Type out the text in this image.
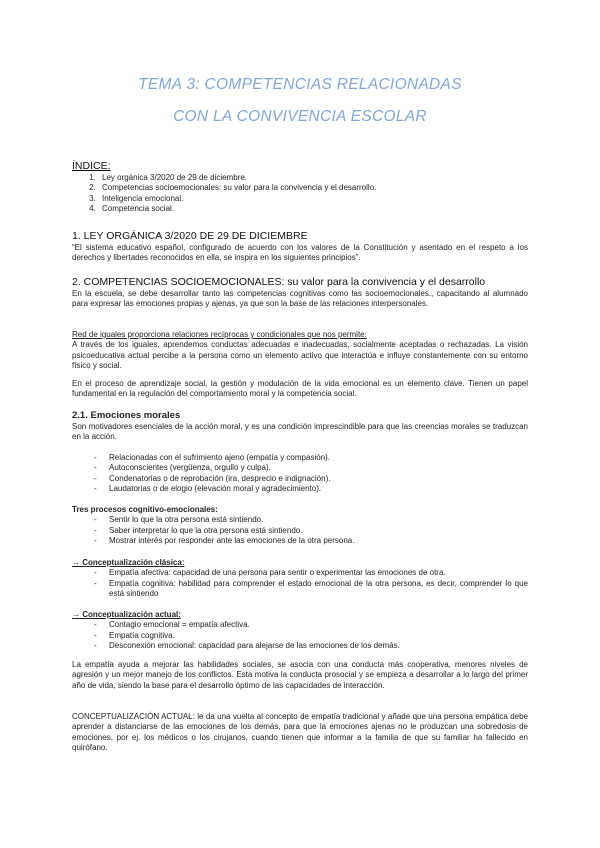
TEMA 3: COMPETENCIAS RELACIONADAS
CON LA CONVIVENCIA ESCOLAR
ÍNDICE:
1. Ley orgánica 3/2020 de 29 de diciembre.
2. Competencias socioemocionales: su valor para la convivencia y el desarrollo.
3. Inteligencia emocional.
4. Competencia social.
1. LEY ORGÁNICA 3/2020 DE 29 DE DICIEMBRE

“El sistema educativo español, configurado de acuerdo con los valores de la Constitución y asentado en el respeto a los derechos y libertades reconocidos en ella, se inspira en los siguientes principios”.

2. COMPETENCIAS SOCIOEMOCIONALES: su valor para la convivencia y el desarrollo

En la escuela, se debe desarrollar tanto las competencias cognitivas como las socioemocionales., capacitando al alumnado para expresar las emociones propias y ajenas, ya que son la base de las relaciones interpersonales.

Red de iguales proporciona relaciones recíprocas y condicionales que nos permite:

A través de los iguales, aprendemos conductas adecuadas e inadecuadas, socialmente aceptadas o rechazadas. La visión psicoeducativa actual percibe a la persona como un elemento activo que interactúa e influye constantemente con su entorno físico y social.

En el proceso de aprendizaje social, la gestión y modulación de la vida emocional es un elemento clave. Tienen un papel fundamental en la regulación del comportamiento moral y la competencia social.

2.1. Emociones morales

Son motivadores esenciales de la acción moral, y es una condición imprescindible para que las creencias morales se traduzcan en la acción.

- Relacionadas con el sufrimiento ajeno (empatía y compasión).
- Autoconscientes (vergüenza, orgullo y culpa).
- Condenatorias o de reprobación (ira, desprecio e indignación).
- Laudatorias o de elogio (elevación moral y agradecimiento).

Tres procesos cognitivo-emocionales:

- Sentir lo que la otra persona está sintiendo.
- Saber interpretar lo que la otra persona está sintiendo.
- Mostrar interés por responder ante las emociones de la otra persona.

→ Conceptualización clásica:

- Empatía afectiva: capacidad de una persona para sentir o experimentar las emociones de otra.
- Empatía cognitiva: habilidad para comprender el estado emocional de la otra persona, es decir, comprender lo que está sintiendo

→ Conceptualización actual:

- Contagio emocional = empatía afectiva.
- Empatía cognitiva.
- Desconexión emocional: capacidad para alejarse de las emociones de los demás.

La empatía ayuda a mejorar las habilidades sociales, se asocia con una conducta más cooperativa, menores niveles de agresión y un mejor manejo de los conflictos. Esta motiva la conducta prosocial y se empieza a desarrollar a lo largo del primer año de vida, siendo la base para el desarrollo óptimo de las capacidades de interacción.

CONCEPTUALIZACIÓN ACTUAL: le da una vuelta al concepto de empatía tradicional y añade que una persona empática debe aprender a distanciarse de las emociones de los demás, para que la emociones ajenas no le produzcan una sobredosis de emociones, por ej. los médicos o los cirujanos, cuando tienen que informar a la familia de que su familiar ha fallecido en quirófano.
